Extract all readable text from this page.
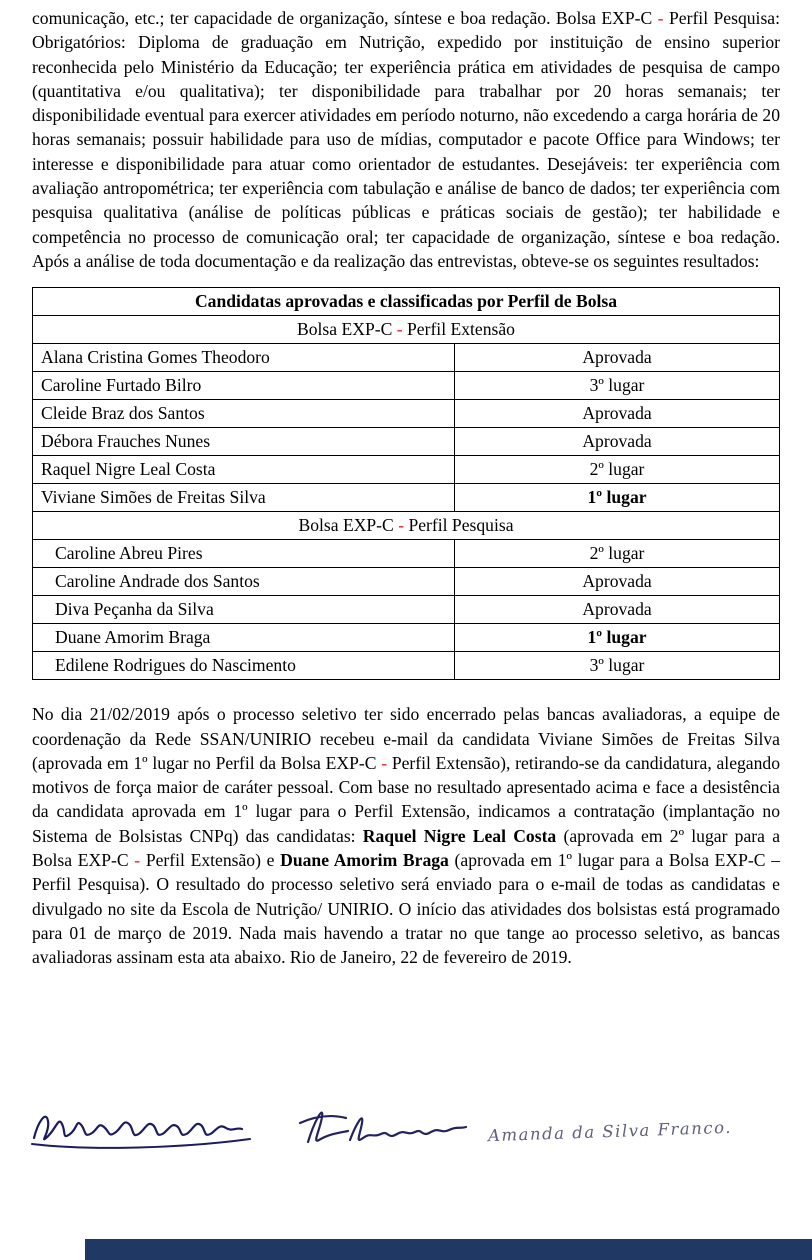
comunicação, etc.; ter capacidade de organização, síntese e boa redação. Bolsa EXP-C - Perfil Pesquisa: Obrigatórios: Diploma de graduação em Nutrição, expedido por instituição de ensino superior reconhecida pelo Ministério da Educação; ter experiência prática em atividades de pesquisa de campo (quantitativa e/ou qualitativa); ter disponibilidade para trabalhar por 20 horas semanais; ter disponibilidade eventual para exercer atividades em período noturno, não excedendo a carga horária de 20 horas semanais; possuir habilidade para uso de mídias, computador e pacote Office para Windows; ter interesse e disponibilidade para atuar como orientador de estudantes. Desejáveis: ter experiência com avaliação antropométrica; ter experiência com tabulação e análise de banco de dados; ter experiência com pesquisa qualitativa (análise de políticas públicas e práticas sociais de gestão); ter habilidade e competência no processo de comunicação oral; ter capacidade de organização, síntese e boa redação. Após a análise de toda documentação e da realização das entrevistas, obteve-se os seguintes resultados:

Candidatas aprovadas e classificadas por Perfil de Bolsa	
Bolsa EXP-C - Perfil Extensão	
Alana Cristina Gomes Theodoro	Aprovada
Caroline Furtado Bilro	3º lugar
Cleide Braz dos Santos	Aprovada
Débora Frauches Nunes	Aprovada
Raquel Nigre Leal Costa	2º lugar
Viviane Simões de Freitas Silva	1º lugar
Bolsa EXP-C - Perfil Pesquisa	
Caroline Abreu Pires	2º lugar
Caroline Andrade dos Santos	Aprovada
Diva Peçanha da Silva	Aprovada
Duane Amorim Braga	1º lugar
Edilene Rodrigues do Nascimento	3º lugar

No dia 21/02/2019 após o processo seletivo ter sido encerrado pelas bancas avaliadoras, a equipe de coordenação da Rede SSAN/UNIRIO recebeu e-mail da candidata Viviane Simões de Freitas Silva (aprovada em 1º lugar no Perfil da Bolsa EXP-C - Perfil Extensão), retirando-se da candidatura, alegando motivos de força maior de caráter pessoal. Com base no resultado apresentado acima e face a desistência da candidata aprovada em 1º lugar para o Perfil Extensão, indicamos a contratação (implantação no Sistema de Bolsistas CNPq) das candidatas: Raquel Nigre Leal Costa (aprovada em 2º lugar para a Bolsa EXP-C - Perfil Extensão) e Duane Amorim Braga (aprovada em 1º lugar para a Bolsa EXP-C – Perfil Pesquisa). O resultado do processo seletivo será enviado para o e-mail de todas as candidatas e divulgado no site da Escola de Nutrição/ UNIRIO. O início das atividades dos bolsistas está programado para 01 de março de 2019. Nada mais havendo a tratar no que tange ao processo seletivo, as bancas avaliadoras assinam esta ata abaixo. Rio de Janeiro, 22 de fevereiro de 2019.

Amanda da Silva Franco.
